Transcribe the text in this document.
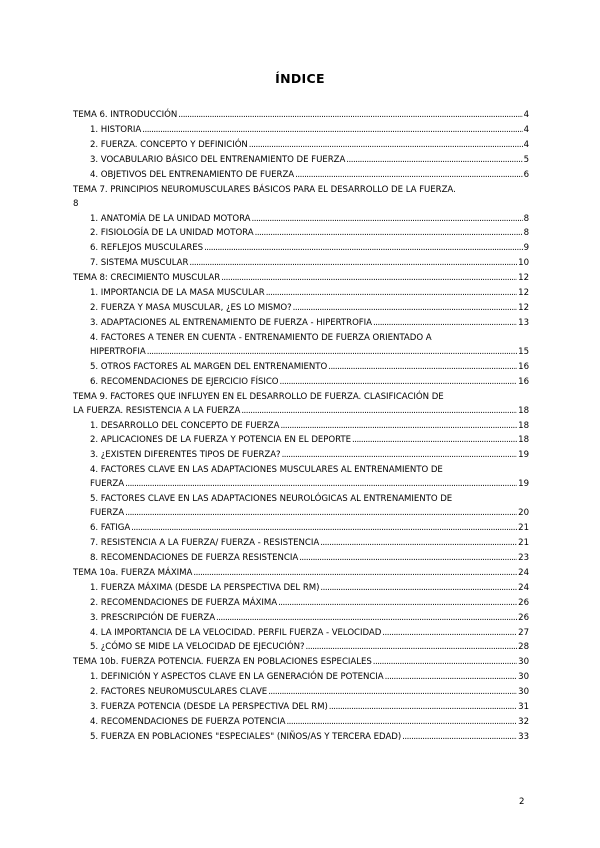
ÍNDICE
TEMA 6. INTRODUCCIÓN .....	4
1. HISTORIA .....	4
2. FUERZA. CONCEPTO Y DEFINICIÓN .....	4
3. VOCABULARIO BÁSICO DEL ENTRENAMIENTO DE FUERZA .....	5
4. OBJETIVOS DEL ENTRENAMIENTO DE FUERZA .....	6
TEMA 7. PRINCIPIOS NEUROMUSCULARES BÁSICOS PARA EL DESARROLLO DE LA FUERZA.
8
1. ANATOMÍA DE LA UNIDAD MOTORA .....	8
2. FISIOLOGÍA DE LA UNIDAD MOTORA .....	8
6. REFLEJOS MUSCULARES .....	9
7. SISTEMA MUSCULAR .....	10
TEMA 8: CRECIMIENTO MUSCULAR .....	12
1. IMPORTANCIA DE LA MASA MUSCULAR .....	12
2. FUERZA Y MASA MUSCULAR, ¿ES LO MISMO? .....	12
3. ADAPTACIONES AL ENTRENAMIENTO DE FUERZA - HIPERTROFIA .....	13
4. FACTORES A TENER EN CUENTA - ENTRENAMIENTO DE FUERZA ORIENTADO A
HIPERTROFIA .....	15
5. OTROS FACTORES AL MARGEN DEL ENTRENAMIENTO .....	16
6. RECOMENDACIONES DE EJERCICIO FÍSICO .....	16
TEMA 9. FACTORES QUE INFLUYEN EN EL DESARROLLO DE FUERZA. CLASIFICACIÓN DE
LA FUERZA. RESISTENCIA A LA FUERZA .....	18
1. DESARROLLO DEL CONCEPTO DE FUERZA .....	18
2. APLICACIONES DE LA FUERZA Y POTENCIA EN EL DEPORTE .....	18
3. ¿EXISTEN DIFERENTES TIPOS DE FUERZA? .....	19
4. FACTORES CLAVE EN LAS ADAPTACIONES MUSCULARES AL ENTRENAMIENTO DE
FUERZA .....	19
5. FACTORES CLAVE EN LAS ADAPTACIONES NEUROLÓGICAS AL ENTRENAMIENTO DE
FUERZA .....	20
6. FATIGA .....	21
7. RESISTENCIA A LA FUERZA/ FUERZA - RESISTENCIA .....	21
8. RECOMENDACIONES DE FUERZA RESISTENCIA .....	23
TEMA 10a. FUERZA MÁXIMA .....	24
1. FUERZA MÁXIMA (DESDE LA PERSPECTIVA DEL RM) .....	24
2. RECOMENDACIONES DE FUERZA MÁXIMA .....	26
3. PRESCRIPCIÓN DE FUERZA .....	26
4. LA IMPORTANCIA DE LA VELOCIDAD. PERFIL FUERZA - VELOCIDAD .....	27
5. ¿CÓMO SE MIDE LA VELOCIDAD DE EJECUCIÓN? .....	28
TEMA 10b. FUERZA POTENCIA. FUERZA EN POBLACIONES ESPECIALES .....	30
1. DEFINICIÓN Y ASPECTOS CLAVE EN LA GENERACIÓN DE POTENCIA .....	30
2. FACTORES NEUROMUSCULARES CLAVE .....	30
3. FUERZA POTENCIA (DESDE LA PERSPECTIVA DEL RM) .....	31
4. RECOMENDACIONES DE FUERZA POTENCIA .....	32
5. FUERZA EN POBLACIONES "ESPECIALES" (NIÑOS/AS Y TERCERA EDAD) .....	33
2
